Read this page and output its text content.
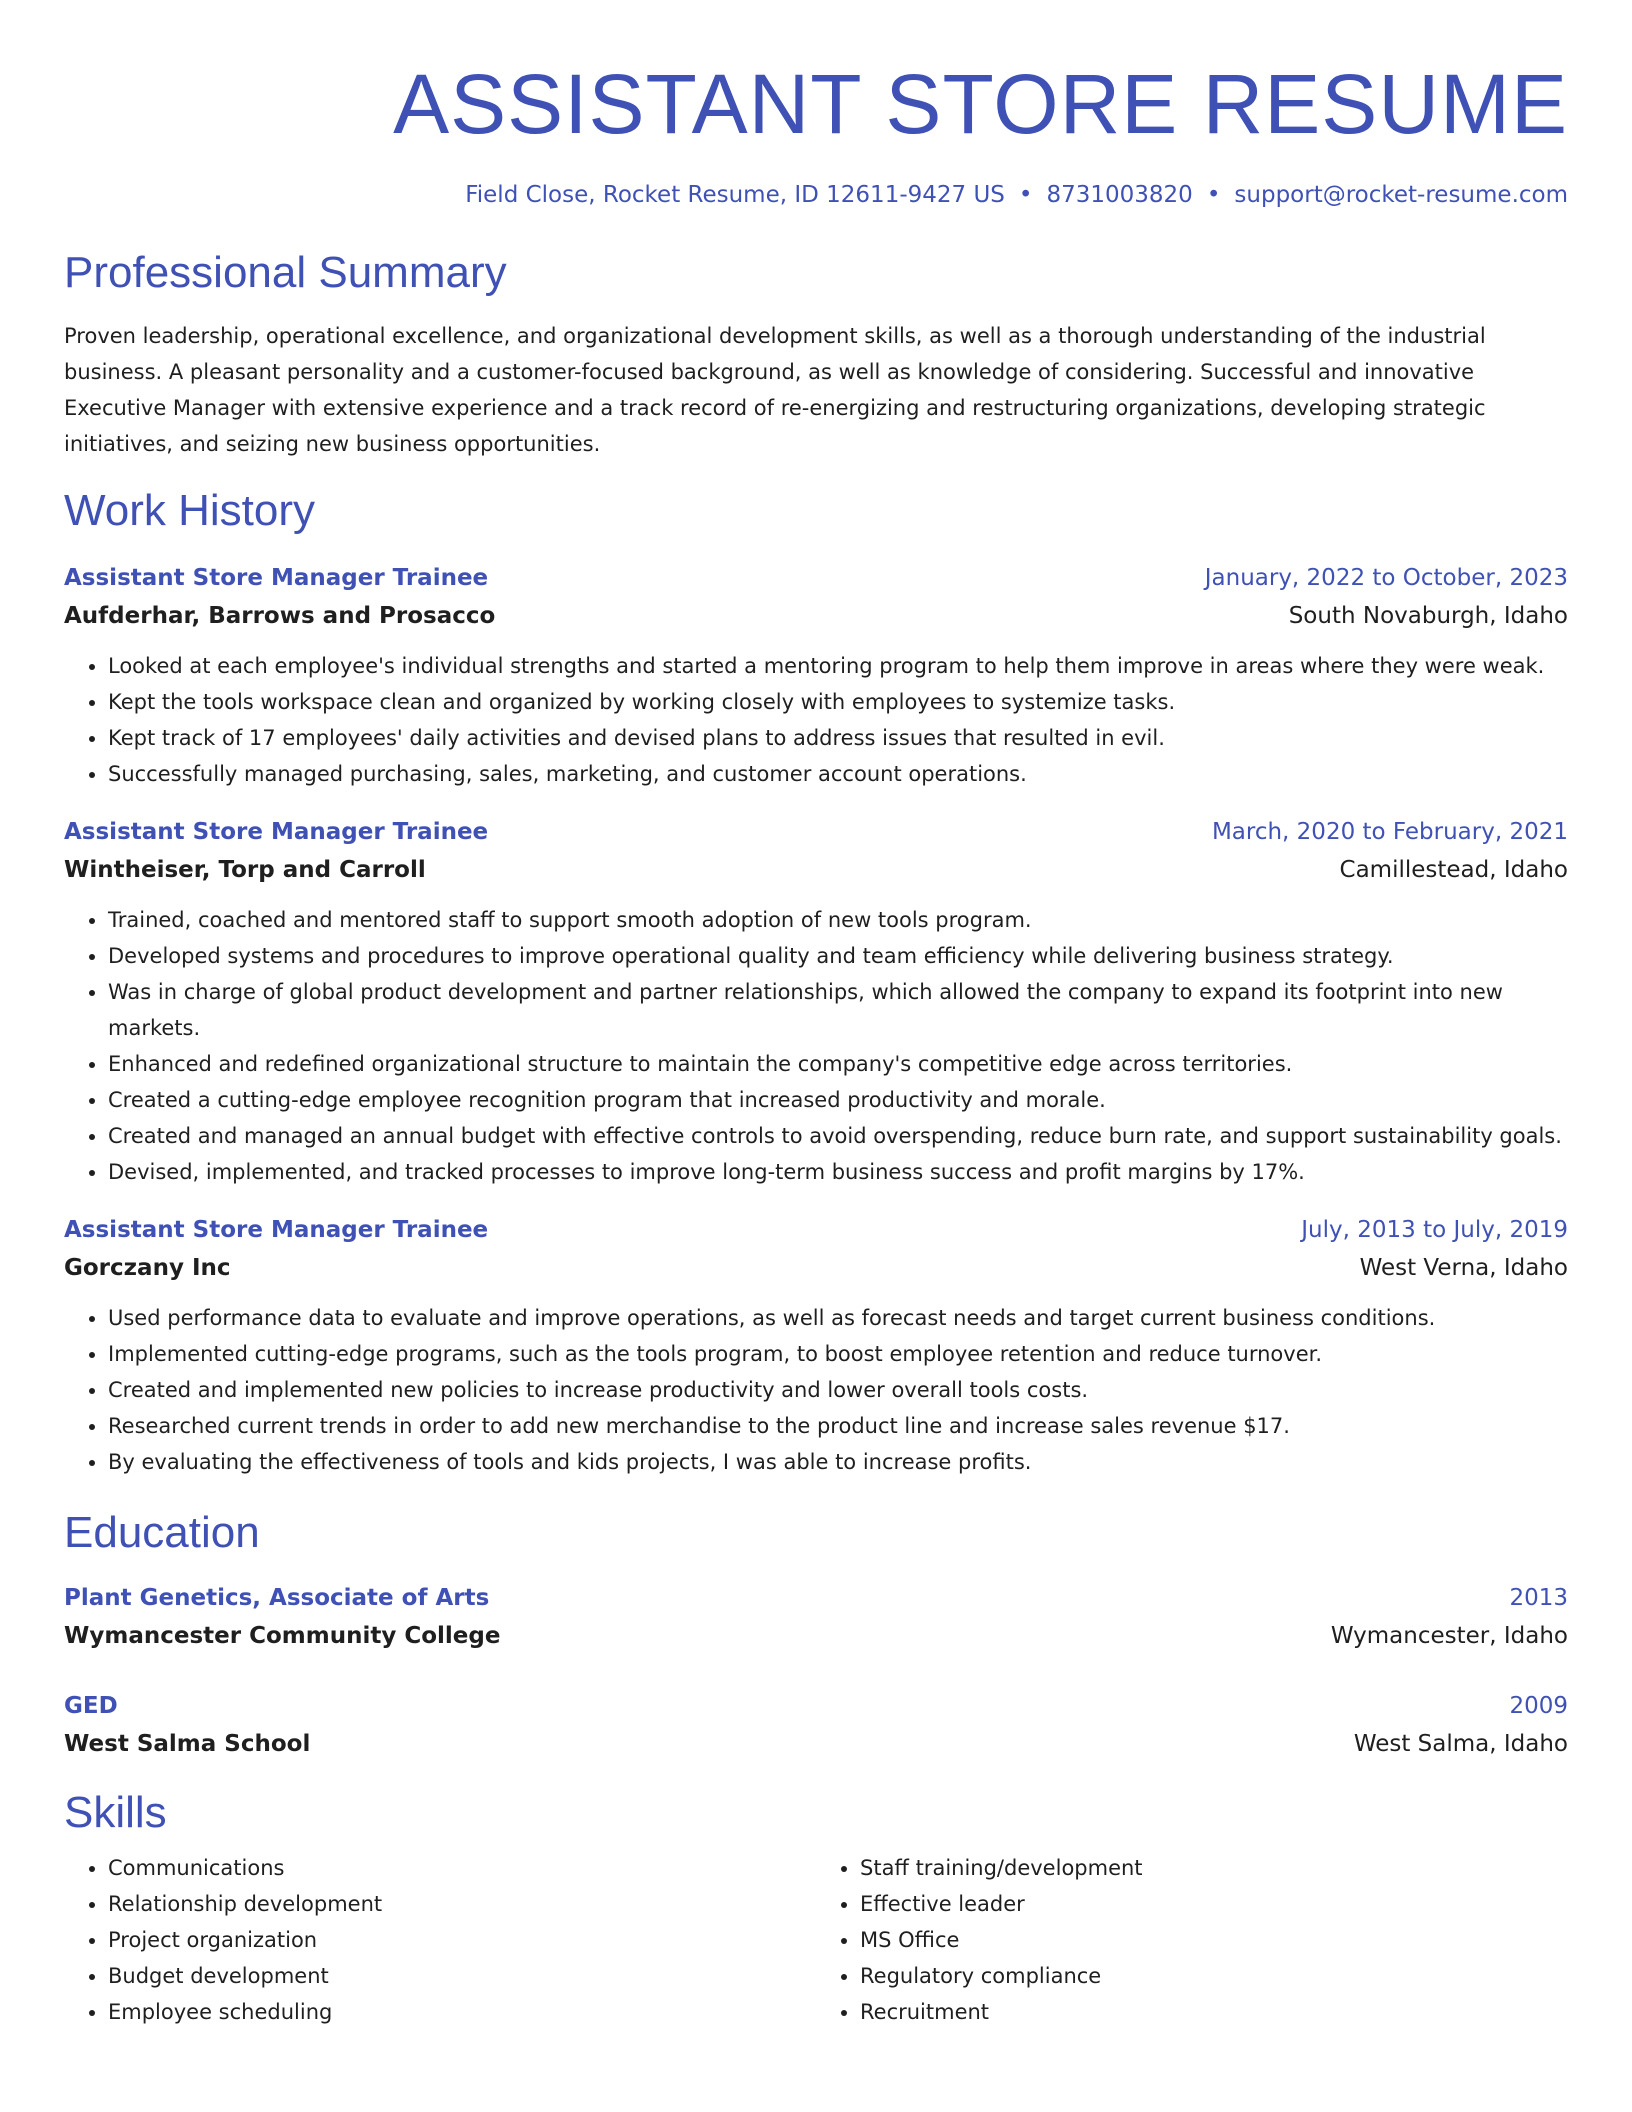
ASSISTANT STORE RESUME
Field Close, Rocket Resume, ID 12611-9427 US • 8731003820 • support@rocket-resume.com
Professional Summary
Proven leadership, operational excellence, and organizational development skills, as well as a thorough understanding of the industrial business. A pleasant personality and a customer-focused background, as well as knowledge of considering. Successful and innovative Executive Manager with extensive experience and a track record of re-energizing and restructuring organizations, developing strategic initiatives, and seizing new business opportunities.
Work History
Assistant Store Manager Trainee	January, 2022 to October, 2023
Aufderhar, Barrows and Prosacco	South Novaburgh, Idaho
• Looked at each employee's individual strengths and started a mentoring program to help them improve in areas where they were weak.
• Kept the tools workspace clean and organized by working closely with employees to systemize tasks.
• Kept track of 17 employees' daily activities and devised plans to address issues that resulted in evil.
• Successfully managed purchasing, sales, marketing, and customer account operations.
Assistant Store Manager Trainee	March, 2020 to February, 2021
Wintheiser, Torp and Carroll	Camillestead, Idaho
• Trained, coached and mentored staff to support smooth adoption of new tools program.
• Developed systems and procedures to improve operational quality and team efficiency while delivering business strategy.
• Was in charge of global product development and partner relationships, which allowed the company to expand its footprint into new markets.
• Enhanced and redefined organizational structure to maintain the company's competitive edge across territories.
• Created a cutting-edge employee recognition program that increased productivity and morale.
• Created and managed an annual budget with effective controls to avoid overspending, reduce burn rate, and support sustainability goals.
• Devised, implemented, and tracked processes to improve long-term business success and profit margins by 17%.
Assistant Store Manager Trainee	July, 2013 to July, 2019
Gorczany Inc	West Verna, Idaho
• Used performance data to evaluate and improve operations, as well as forecast needs and target current business conditions.
• Implemented cutting-edge programs, such as the tools program, to boost employee retention and reduce turnover.
• Created and implemented new policies to increase productivity and lower overall tools costs.
• Researched current trends in order to add new merchandise to the product line and increase sales revenue $17.
• By evaluating the effectiveness of tools and kids projects, I was able to increase profits.
Education
Plant Genetics, Associate of Arts	2013
Wymancester Community College	Wymancester, Idaho
GED	2009
West Salma School	West Salma, Idaho
Skills
• Communications
• Relationship development
• Project organization
• Budget development
• Employee scheduling
• Staff training/development
• Effective leader
• MS Office
• Regulatory compliance
• Recruitment
